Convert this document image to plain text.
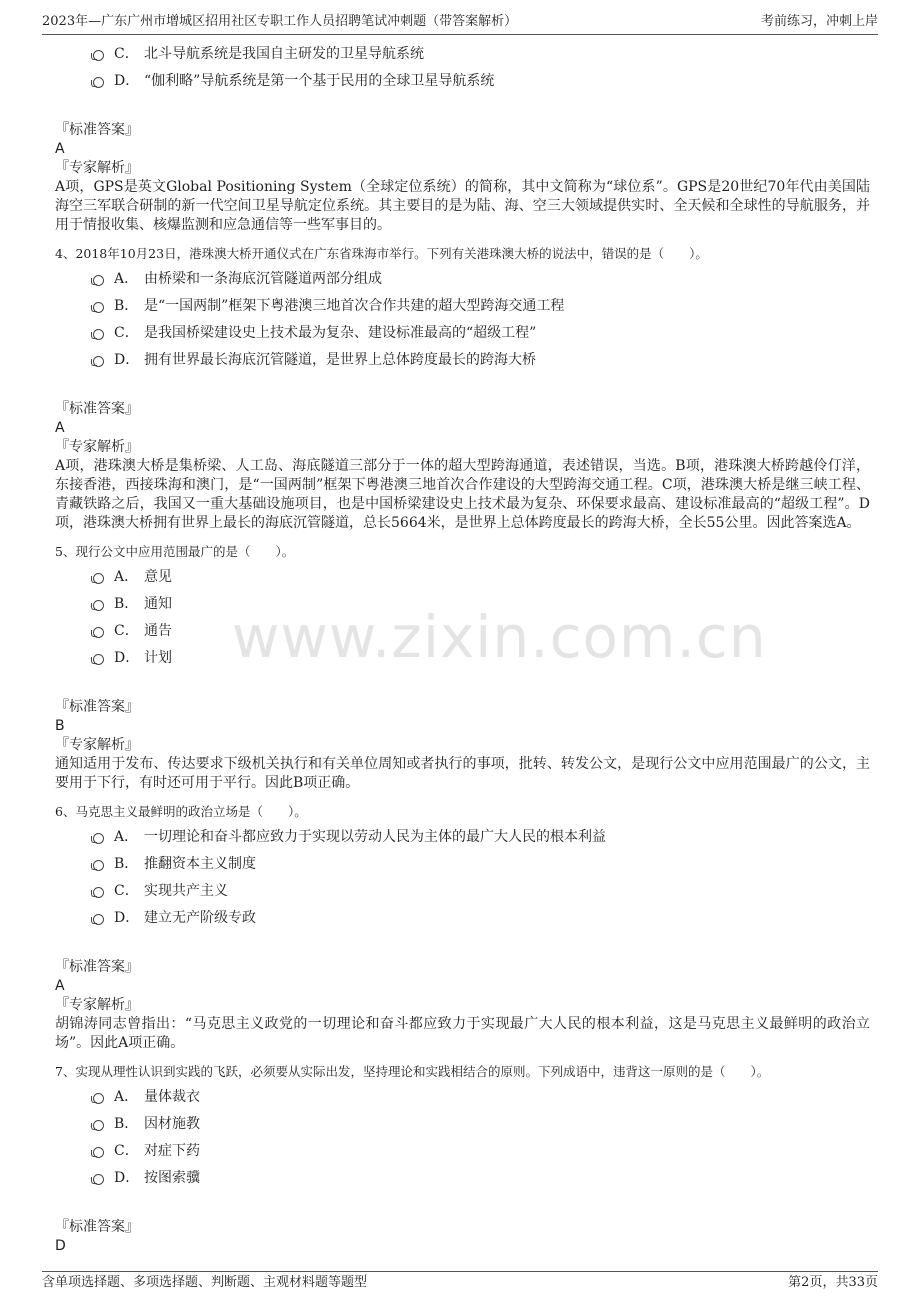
2023年—广东广州市增城区招用社区专职工作人员招聘笔试冲刺题（带答案解析）	考前练习，冲刺上岸
www.zixin.com.cn
C． 北斗导航系统是我国自主研发的卫星导航系统
D． “伽利略”导航系统是第一个基于民用的全球卫星导航系统
『标准答案』
A
『专家解析』
A项，GPS是英文Global Positioning System（全球定位系统）的简称，其中文简称为“球位系”。GPS是20世纪70年代由美国陆海空三军联合研制的新一代空间卫星导航定位系统。其主要目的是为陆、海、空三大领域提供实时、全天候和全球性的导航服务，并用于情报收集、核爆监测和应急通信等一些军事目的。
4、2018年10月23日，港珠澳大桥开通仪式在广东省珠海市举行。下列有关港珠澳大桥的说法中，错误的是（　　）。
A． 由桥梁和一条海底沉管隧道两部分组成
B． 是“一国两制”框架下粤港澳三地首次合作共建的超大型跨海交通工程
C． 是我国桥梁建设史上技术最为复杂、建设标准最高的“超级工程”
D． 拥有世界最长海底沉管隧道，是世界上总体跨度最长的跨海大桥
『标准答案』
A
『专家解析』
A项，港珠澳大桥是集桥梁、人工岛、海底隧道三部分于一体的超大型跨海通道，表述错误，当选。B项，港珠澳大桥跨越伶仃洋，东接香港，西接珠海和澳门，是“一国两制”框架下粤港澳三地首次合作建设的大型跨海交通工程。C项，港珠澳大桥是继三峡工程、青藏铁路之后，我国又一重大基础设施项目，也是中国桥梁建设史上技术最为复杂、环保要求最高、建设标准最高的“超级工程”。D项，港珠澳大桥拥有世界上最长的海底沉管隧道，总长5664米，是世界上总体跨度最长的跨海大桥，全长55公里。因此答案选A。
5、现行公文中应用范围最广的是（　　）。
A． 意见
B． 通知
C． 通告
D． 计划
『标准答案』
B
『专家解析』
通知适用于发布、传达要求下级机关执行和有关单位周知或者执行的事项，批转、转发公文，是现行公文中应用范围最广的公文，主要用于下行，有时还可用于平行。因此B项正确。
6、马克思主义最鲜明的政治立场是（　　）。
A． 一切理论和奋斗都应致力于实现以劳动人民为主体的最广大人民的根本利益
B． 推翻资本主义制度
C． 实现共产主义
D． 建立无产阶级专政
『标准答案』
A
『专家解析』
胡锦涛同志曾指出：“马克思主义政党的一切理论和奋斗都应致力于实现最广大人民的根本利益，这是马克思主义最鲜明的政治立场”。因此A项正确。
7、实现从理性认识到实践的飞跃，必须要从实际出发，坚持理论和实践相结合的原则。下列成语中，违背这一原则的是（　　）。
A． 量体裁衣
B． 因材施教
C． 对症下药
D． 按图索骥
『标准答案』
D
含单项选择题、多项选择题、判断题、主观材料题等题型	第2页，共33页
